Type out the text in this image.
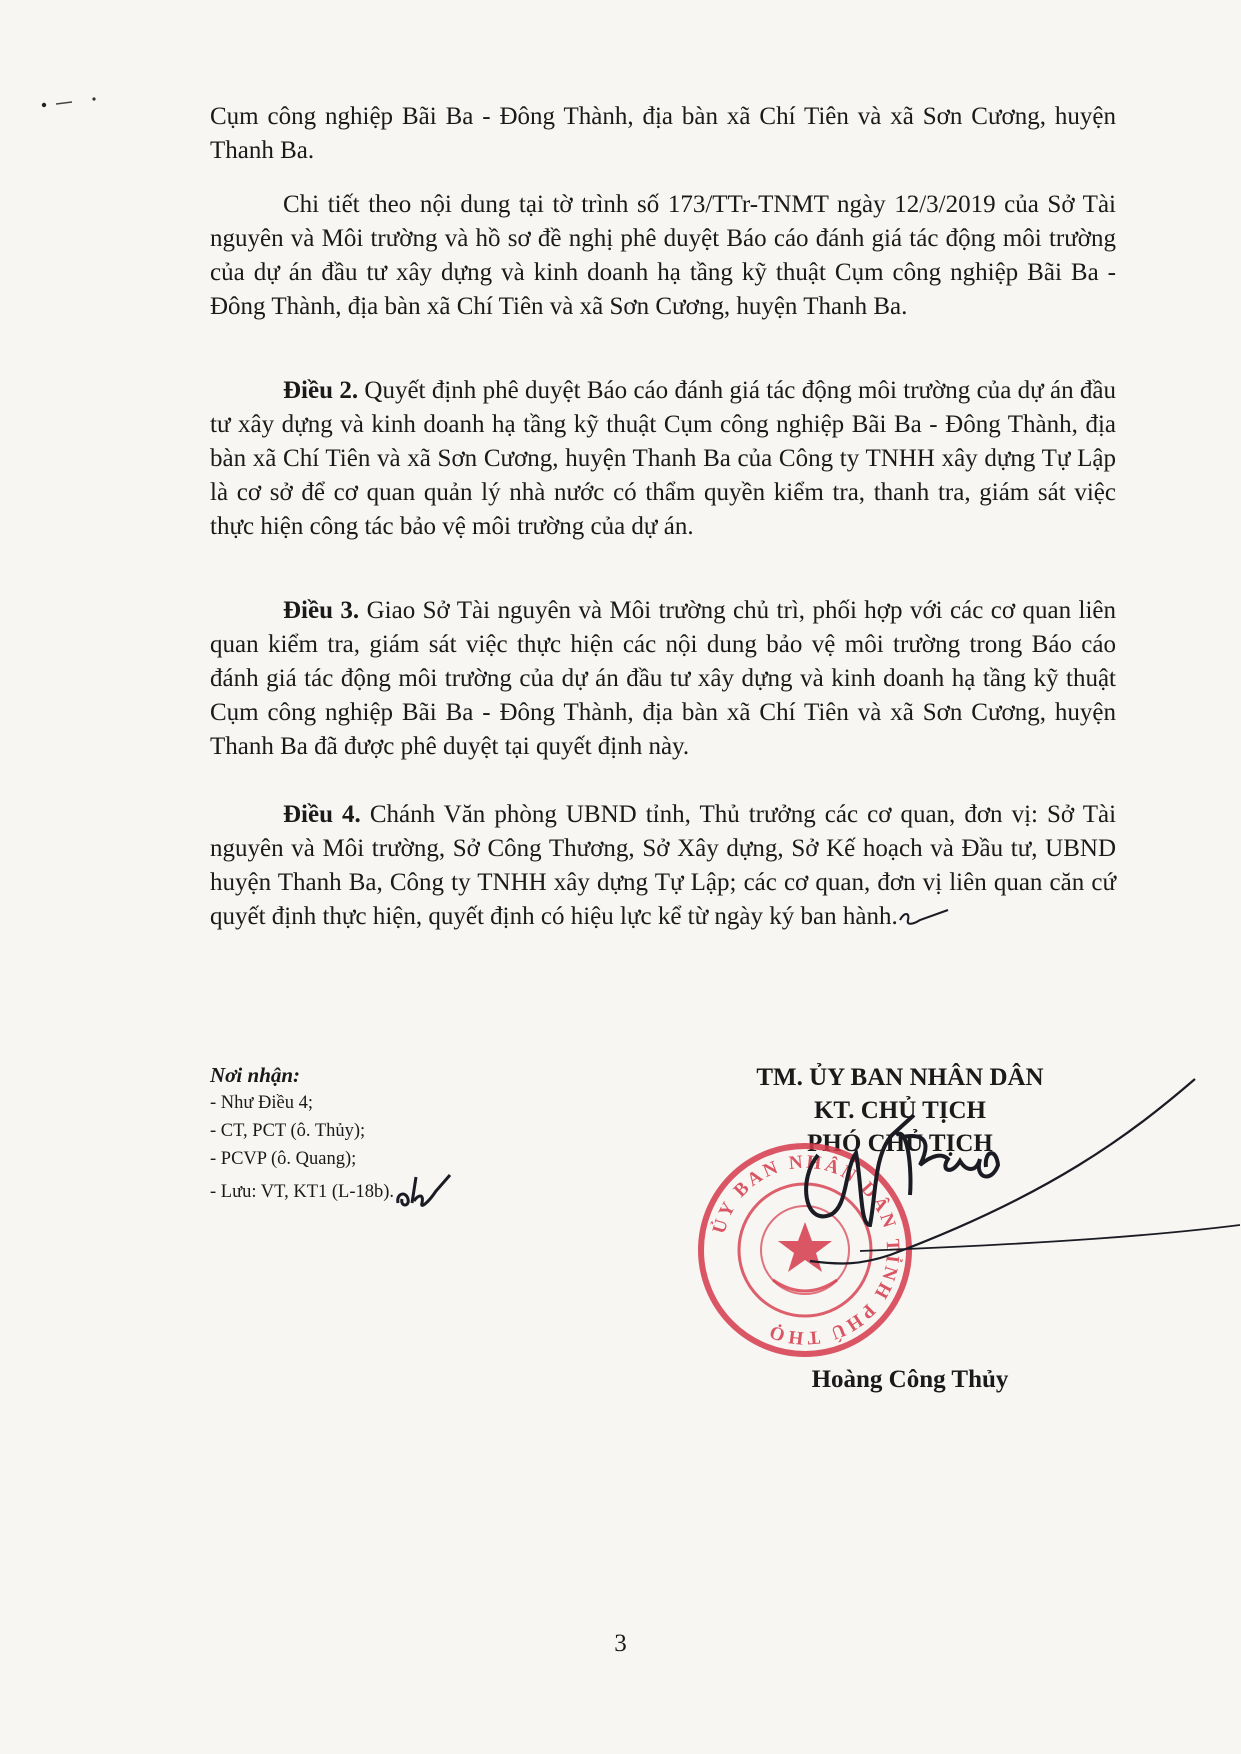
Cụm công nghiệp Bãi Ba - Đông Thành, địa bàn xã Chí Tiên và xã Sơn Cương, huyện Thanh Ba.

Chi tiết theo nội dung tại tờ trình số 173/TTr-TNMT ngày 12/3/2019 của Sở Tài nguyên và Môi trường và hồ sơ đề nghị phê duyệt Báo cáo đánh giá tác động môi trường của dự án đầu tư xây dựng và kinh doanh hạ tầng kỹ thuật Cụm công nghiệp Bãi Ba - Đông Thành, địa bàn xã Chí Tiên và xã Sơn Cương, huyện Thanh Ba.

Điều 2. Quyết định phê duyệt Báo cáo đánh giá tác động môi trường của dự án đầu tư xây dựng và kinh doanh hạ tầng kỹ thuật Cụm công nghiệp Bãi Ba - Đông Thành, địa bàn xã Chí Tiên và xã Sơn Cương, huyện Thanh Ba của Công ty TNHH xây dựng Tự Lập là cơ sở để cơ quan quản lý nhà nước có thẩm quyền kiểm tra, thanh tra, giám sát việc thực hiện công tác bảo vệ môi trường của dự án.

Điều 3. Giao Sở Tài nguyên và Môi trường chủ trì, phối hợp với các cơ quan liên quan kiểm tra, giám sát việc thực hiện các nội dung bảo vệ môi trường trong Báo cáo đánh giá tác động môi trường của dự án đầu tư xây dựng và kinh doanh hạ tầng kỹ thuật Cụm công nghiệp Bãi Ba - Đông Thành, địa bàn xã Chí Tiên và xã Sơn Cương, huyện Thanh Ba đã được phê duyệt tại quyết định này.

Điều 4. Chánh Văn phòng UBND tỉnh, Thủ trưởng các cơ quan, đơn vị: Sở Tài nguyên và Môi trường, Sở Công Thương, Sở Xây dựng, Sở Kế hoạch và Đầu tư, UBND huyện Thanh Ba, Công ty TNHH xây dựng Tự Lập; các cơ quan, đơn vị liên quan căn cứ quyết định thực hiện, quyết định có hiệu lực kể từ ngày ký ban hành.

Nơi nhận:
- Như Điều 4;
- CT, PCT (ô. Thủy);
- PCVP (ô. Quang);
- Lưu: VT, KT1 (L-18b).
TM. ỦY BAN NHÂN DÂN
KT. CHỦ TỊCH
PHÓ CHỦ TỊCH
ỦY BAN NHÂN DÂN TỈNH PHÚ THỌ
Hoàng Công Thủy
3
